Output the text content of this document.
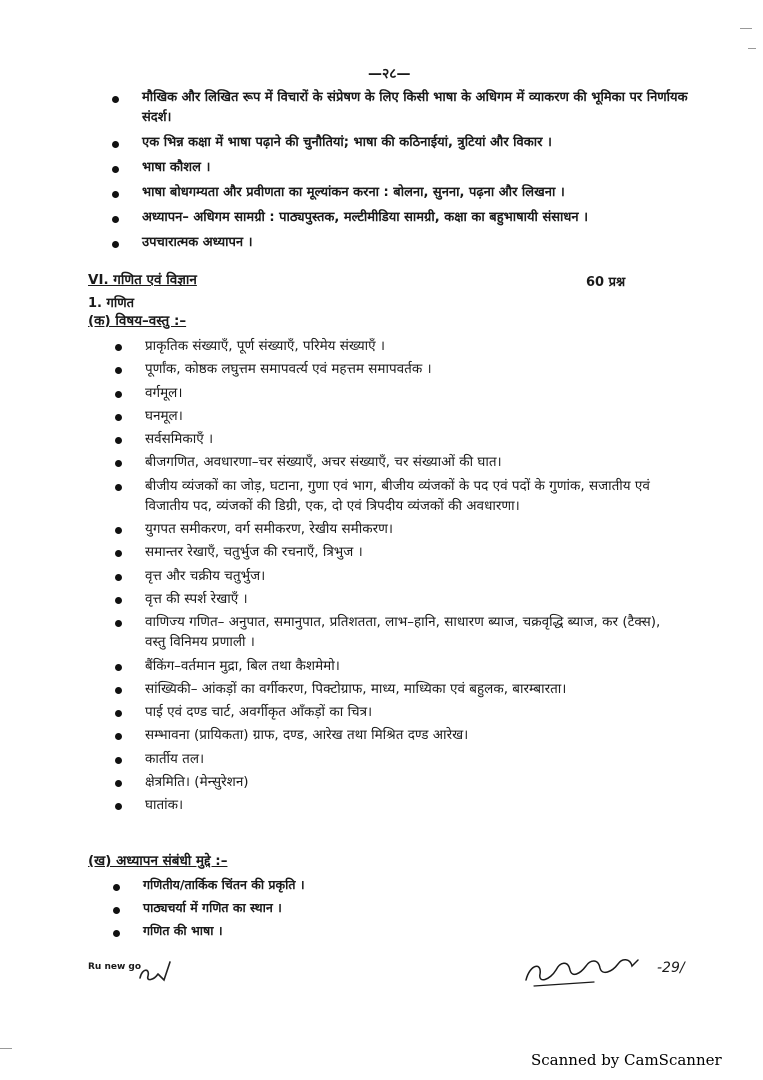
—२८—
मौखिक और लिखित रूप में विचारों के संप्रेषण के लिए किसी भाषा के अधिगम में व्याकरण की भूमिका पर निर्णायक संदर्श।
एक भिन्न कक्षा में भाषा पढ़ाने की चुनौतियां; भाषा की कठिनाईयां, त्रुटियां और विकार ।
भाषा कौशल ।
भाषा बोधगम्यता और प्रवीणता का मूल्यांकन करना : बोलना, सुनना, पढ़ना और लिखना ।
अध्यापन– अधिगम सामग्री : पाठ्यपुस्तक, मल्टीमीडिया सामग्री, कक्षा का बहुभाषायी संसाधन ।
उपचारात्मक अध्यापन ।
VI. गणित एवं विज्ञान	60 प्रश्न
1. गणित
(क) विषय–वस्तु :–
प्राकृतिक संख्याएँ, पूर्ण संख्याएँ, परिमेय संख्याएँ ।
पूर्णांक, कोष्ठक लघुत्तम समापवर्त्य एवं महत्तम समापवर्तक ।
वर्गमूल।
घनमूल।
सर्वसमिकाएँ ।
बीजगणित, अवधारणा–चर संख्याएँ, अचर संख्याएँ, चर संख्याओं की घात।
बीजीय व्यंजकों का जोड़, घटाना, गुणा एवं भाग, बीजीय व्यंजकों के पद एवं पदों के गुणांक, सजातीय एवं विजातीय पद, व्यंजकों की डिग्री, एक, दो एवं त्रिपदीय व्यंजकों की अवधारणा।
युगपत समीकरण, वर्ग समीकरण, रेखीय समीकरण।
समान्तर रेखाएँ, चतुर्भुज की रचनाएँ, त्रिभुज ।
वृत्त और चक्रीय चतुर्भुज।
वृत्त की स्पर्श रेखाएँ ।
वाणिज्य गणित– अनुपात, समानुपात, प्रतिशतता, लाभ–हानि, साधारण ब्याज, चक्रवृद्धि ब्याज, कर (टैक्स), वस्तु विनिमय प्रणाली ।
बैंकिंग–वर्तमान मुद्रा, बिल तथा कैशमेमो।
सांख्यिकी– आंकड़ों का वर्गीकरण, पिक्टोग्राफ, माध्य, माध्यिका एवं बहुलक, बारम्बारता।
पाई एवं दण्ड चार्ट, अवर्गीकृत आँकड़ों का चित्र।
सम्भावना (प्रायिकता) ग्राफ, दण्ड, आरेख तथा मिश्रित दण्ड आरेख।
कार्तीय तल।
क्षेत्रमिति। (मेन्सुरेशन)
घातांक।
(ख) अध्यापन संबंधी मुद्दे :–
गणितीय/तार्किक चिंतन की प्रकृति ।
पाठ्यचर्या में गणित का स्थान ।
गणित की भाषा ।
Ru new go	-29/
Scanned by CamScanner
